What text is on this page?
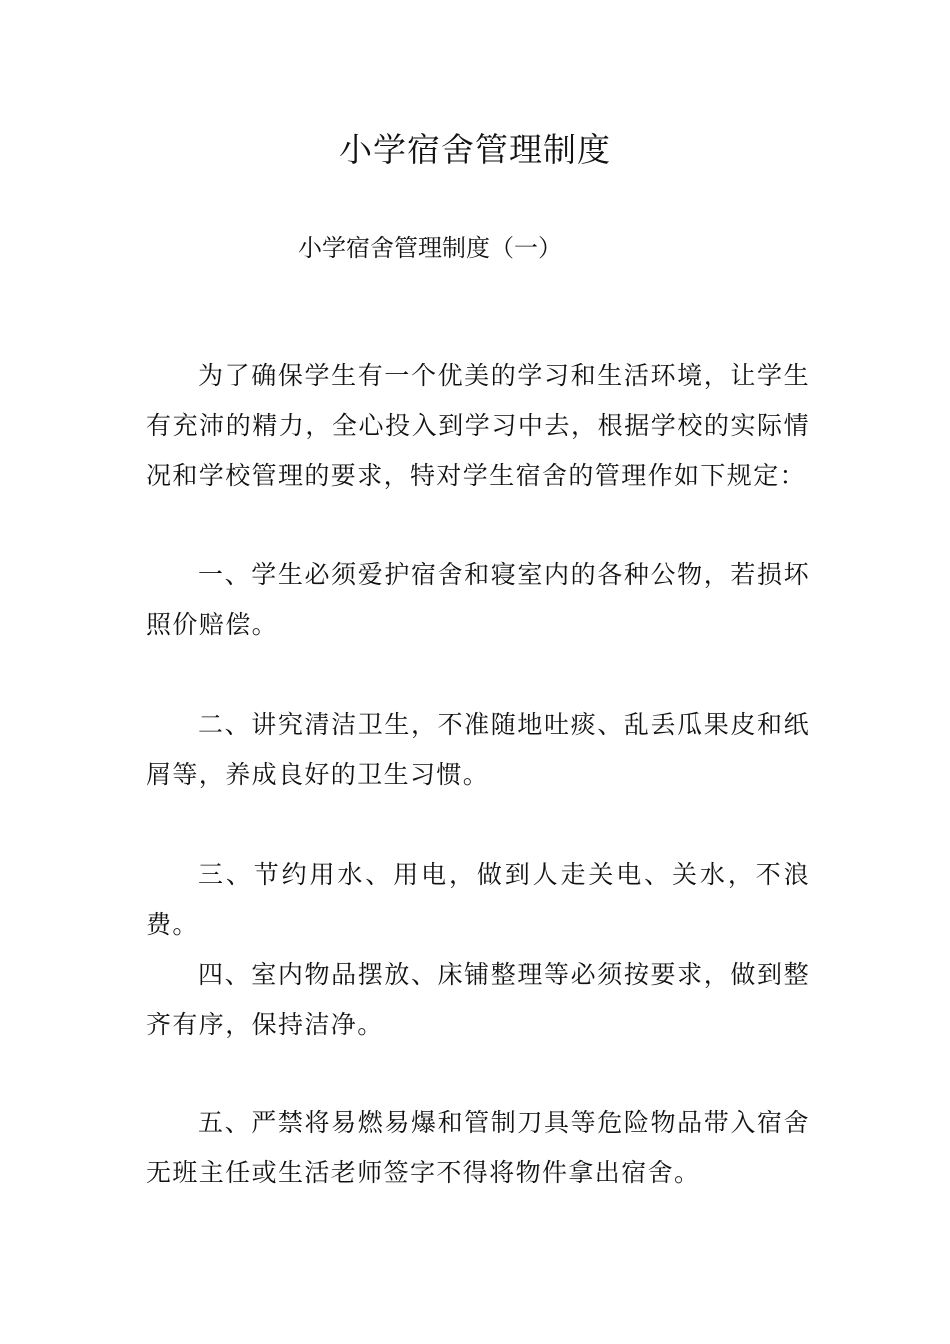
小学宿舍管理制度
小学宿舍管理制度（一）

为了确保学生有一个优美的学习和生活环境，让学生有充沛的精力，全心投入到学习中去，根据学校的实际情况和学校管理的要求，特对学生宿舍的管理作如下规定：

一、学生必须爱护宿舍和寝室内的各种公物，若损坏照价赔偿。

二、讲究清洁卫生，不准随地吐痰、乱丢瓜果皮和纸屑等，养成良好的卫生习惯。

三、节约用水、用电，做到人走关电、关水，不浪费。

四、室内物品摆放、床铺整理等必须按要求，做到整齐有序，保持洁净。

五、严禁将易燃易爆和管制刀具等危险物品带入宿舍无班主任或生活老师签字不得将物件拿出宿舍。
